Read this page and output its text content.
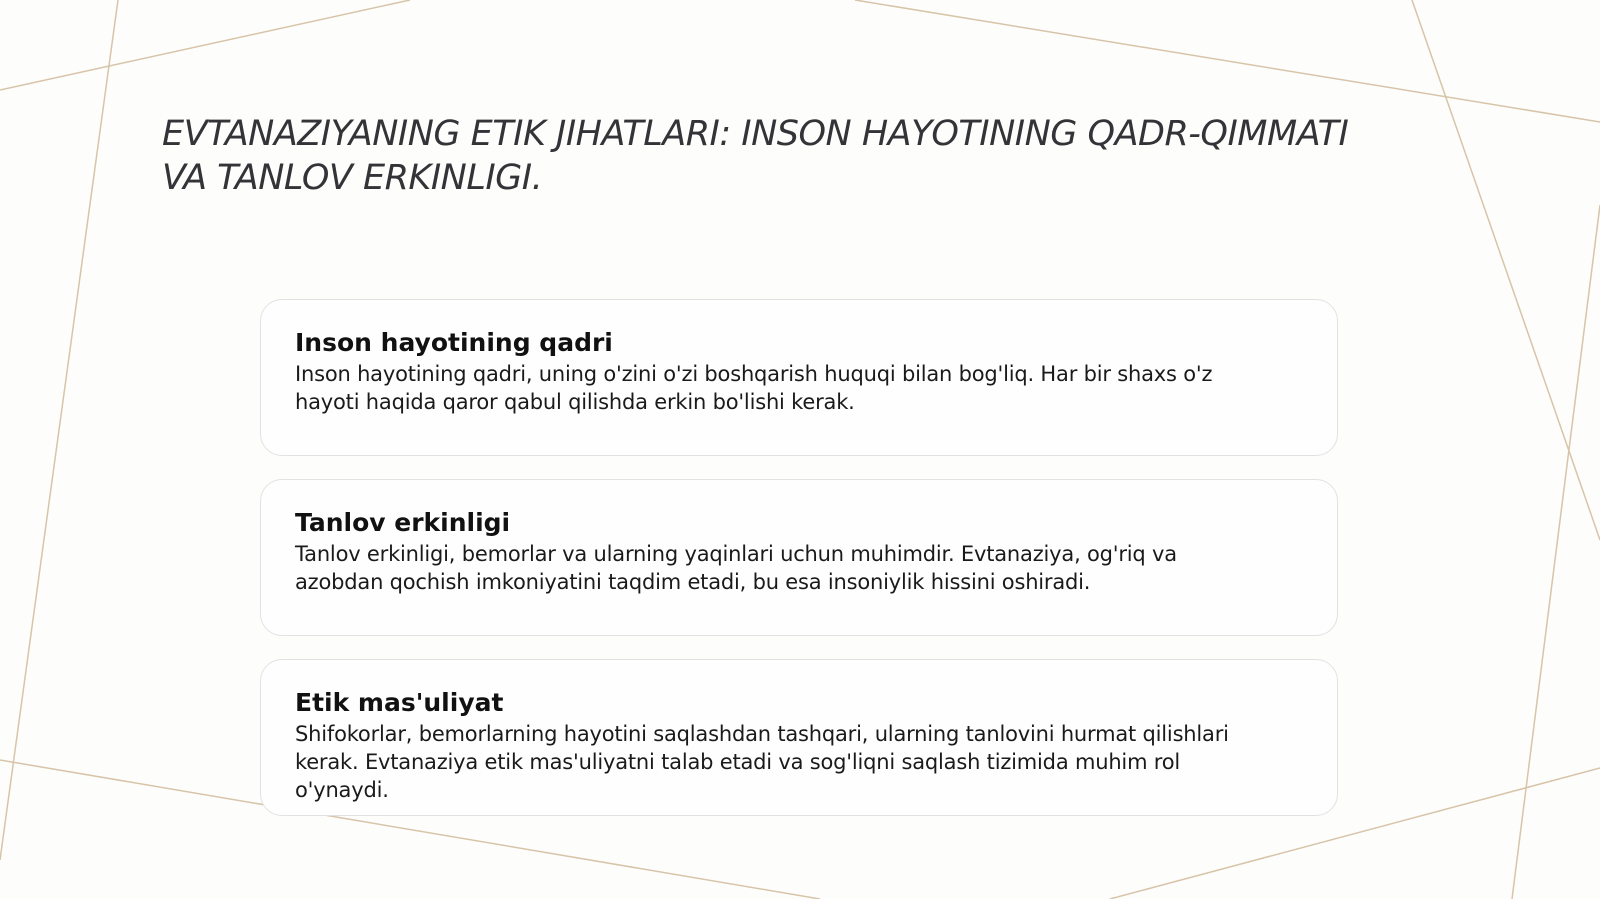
EVTANAZIYANING ETIK JIHATLARI: INSON HAYOTINING QADR-QIMMATI
VA TANLOV ERKINLIGI.
Inson hayotining qadri

Inson hayotining qadri, uning o'zini o'zi boshqarish huquqi bilan bog'liq. Har bir shaxs o'z
hayoti haqida qaror qabul qilishda erkin bo'lishi kerak.

Tanlov erkinligi

Tanlov erkinligi, bemorlar va ularning yaqinlari uchun muhimdir. Evtanaziya, og'riq va
azobdan qochish imkoniyatini taqdim etadi, bu esa insoniylik hissini oshiradi.

Etik mas'uliyat

Shifokorlar, bemorlarning hayotini saqlashdan tashqari, ularning tanlovini hurmat qilishlari
kerak. Evtanaziya etik mas'uliyatni talab etadi va sog'liqni saqlash tizimida muhim rol
o'ynaydi.
